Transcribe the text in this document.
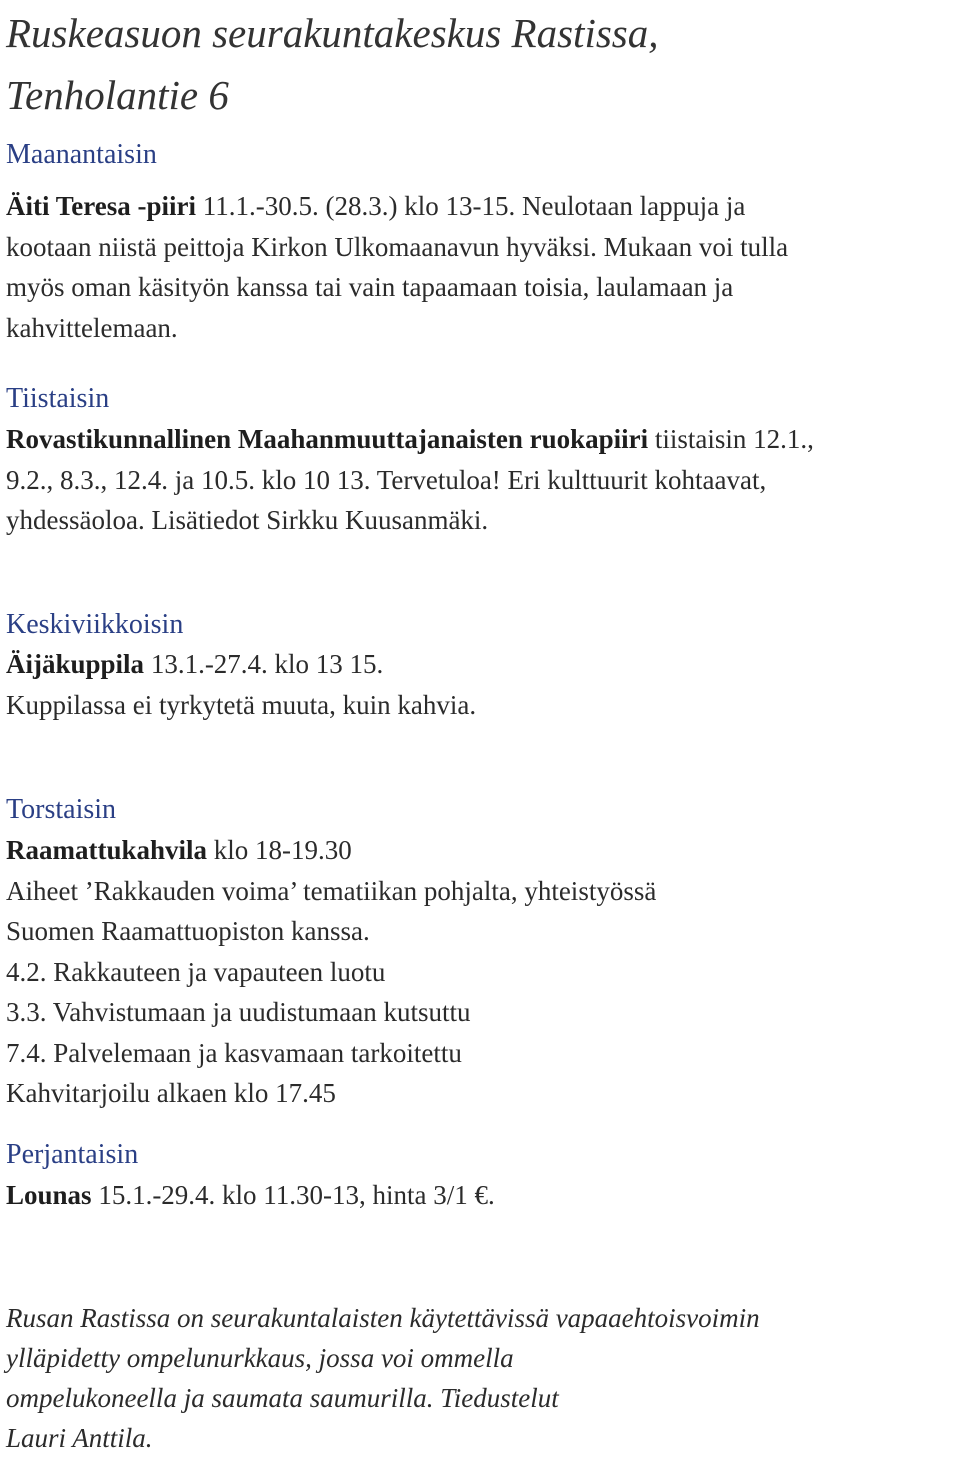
Ruskeasuon seurakuntakeskus Rastissa,
Tenholantie 6
Maanantaisin
Äiti Teresa -piiri 11.1.-30.5. (28.3.) klo 13-15. Neulotaan lappuja ja
kootaan niistä peittoja Kirkon Ulkomaanavun hyväksi. Mukaan voi tulla
myös oman käsityön kanssa tai vain tapaamaan toisia, laulamaan ja
kahvittelemaan.
Tiistaisin
Rovastikunnallinen Maahanmuuttajanaisten ruokapiiri tiistaisin 12.1.,
9.2., 8.3., 12.4. ja 10.5. klo 10 13. Tervetuloa! Eri kulttuurit kohtaavat,
yhdessäoloa. Lisätiedot Sirkku Kuusanmäki.
Keskiviikkoisin
Äijäkuppila 13.1.-27.4. klo 13 15.
Kuppilassa ei tyrkytetä muuta, kuin kahvia.
Torstaisin
Raamattukahvila klo 18-19.30
Aiheet ’Rakkauden voima’ tematiikan pohjalta, yhteistyössä
Suomen Raamattuopiston kanssa.
4.2. Rakkauteen ja vapauteen luotu
3.3. Vahvistumaan ja uudistumaan kutsuttu
7.4. Palvelemaan ja kasvamaan tarkoitettu
Kahvitarjoilu alkaen klo 17.45
Perjantaisin
Lounas 15.1.-29.4. klo 11.30-13, hinta 3/1 €.
Rusan Rastissa on seurakuntalaisten käytettävissä vapaaehtoisvoimin
ylläpidetty ompelunurkkaus, jossa voi ommella
ompelukoneella ja saumata saumurilla. Tiedustelut
Lauri Anttila.
